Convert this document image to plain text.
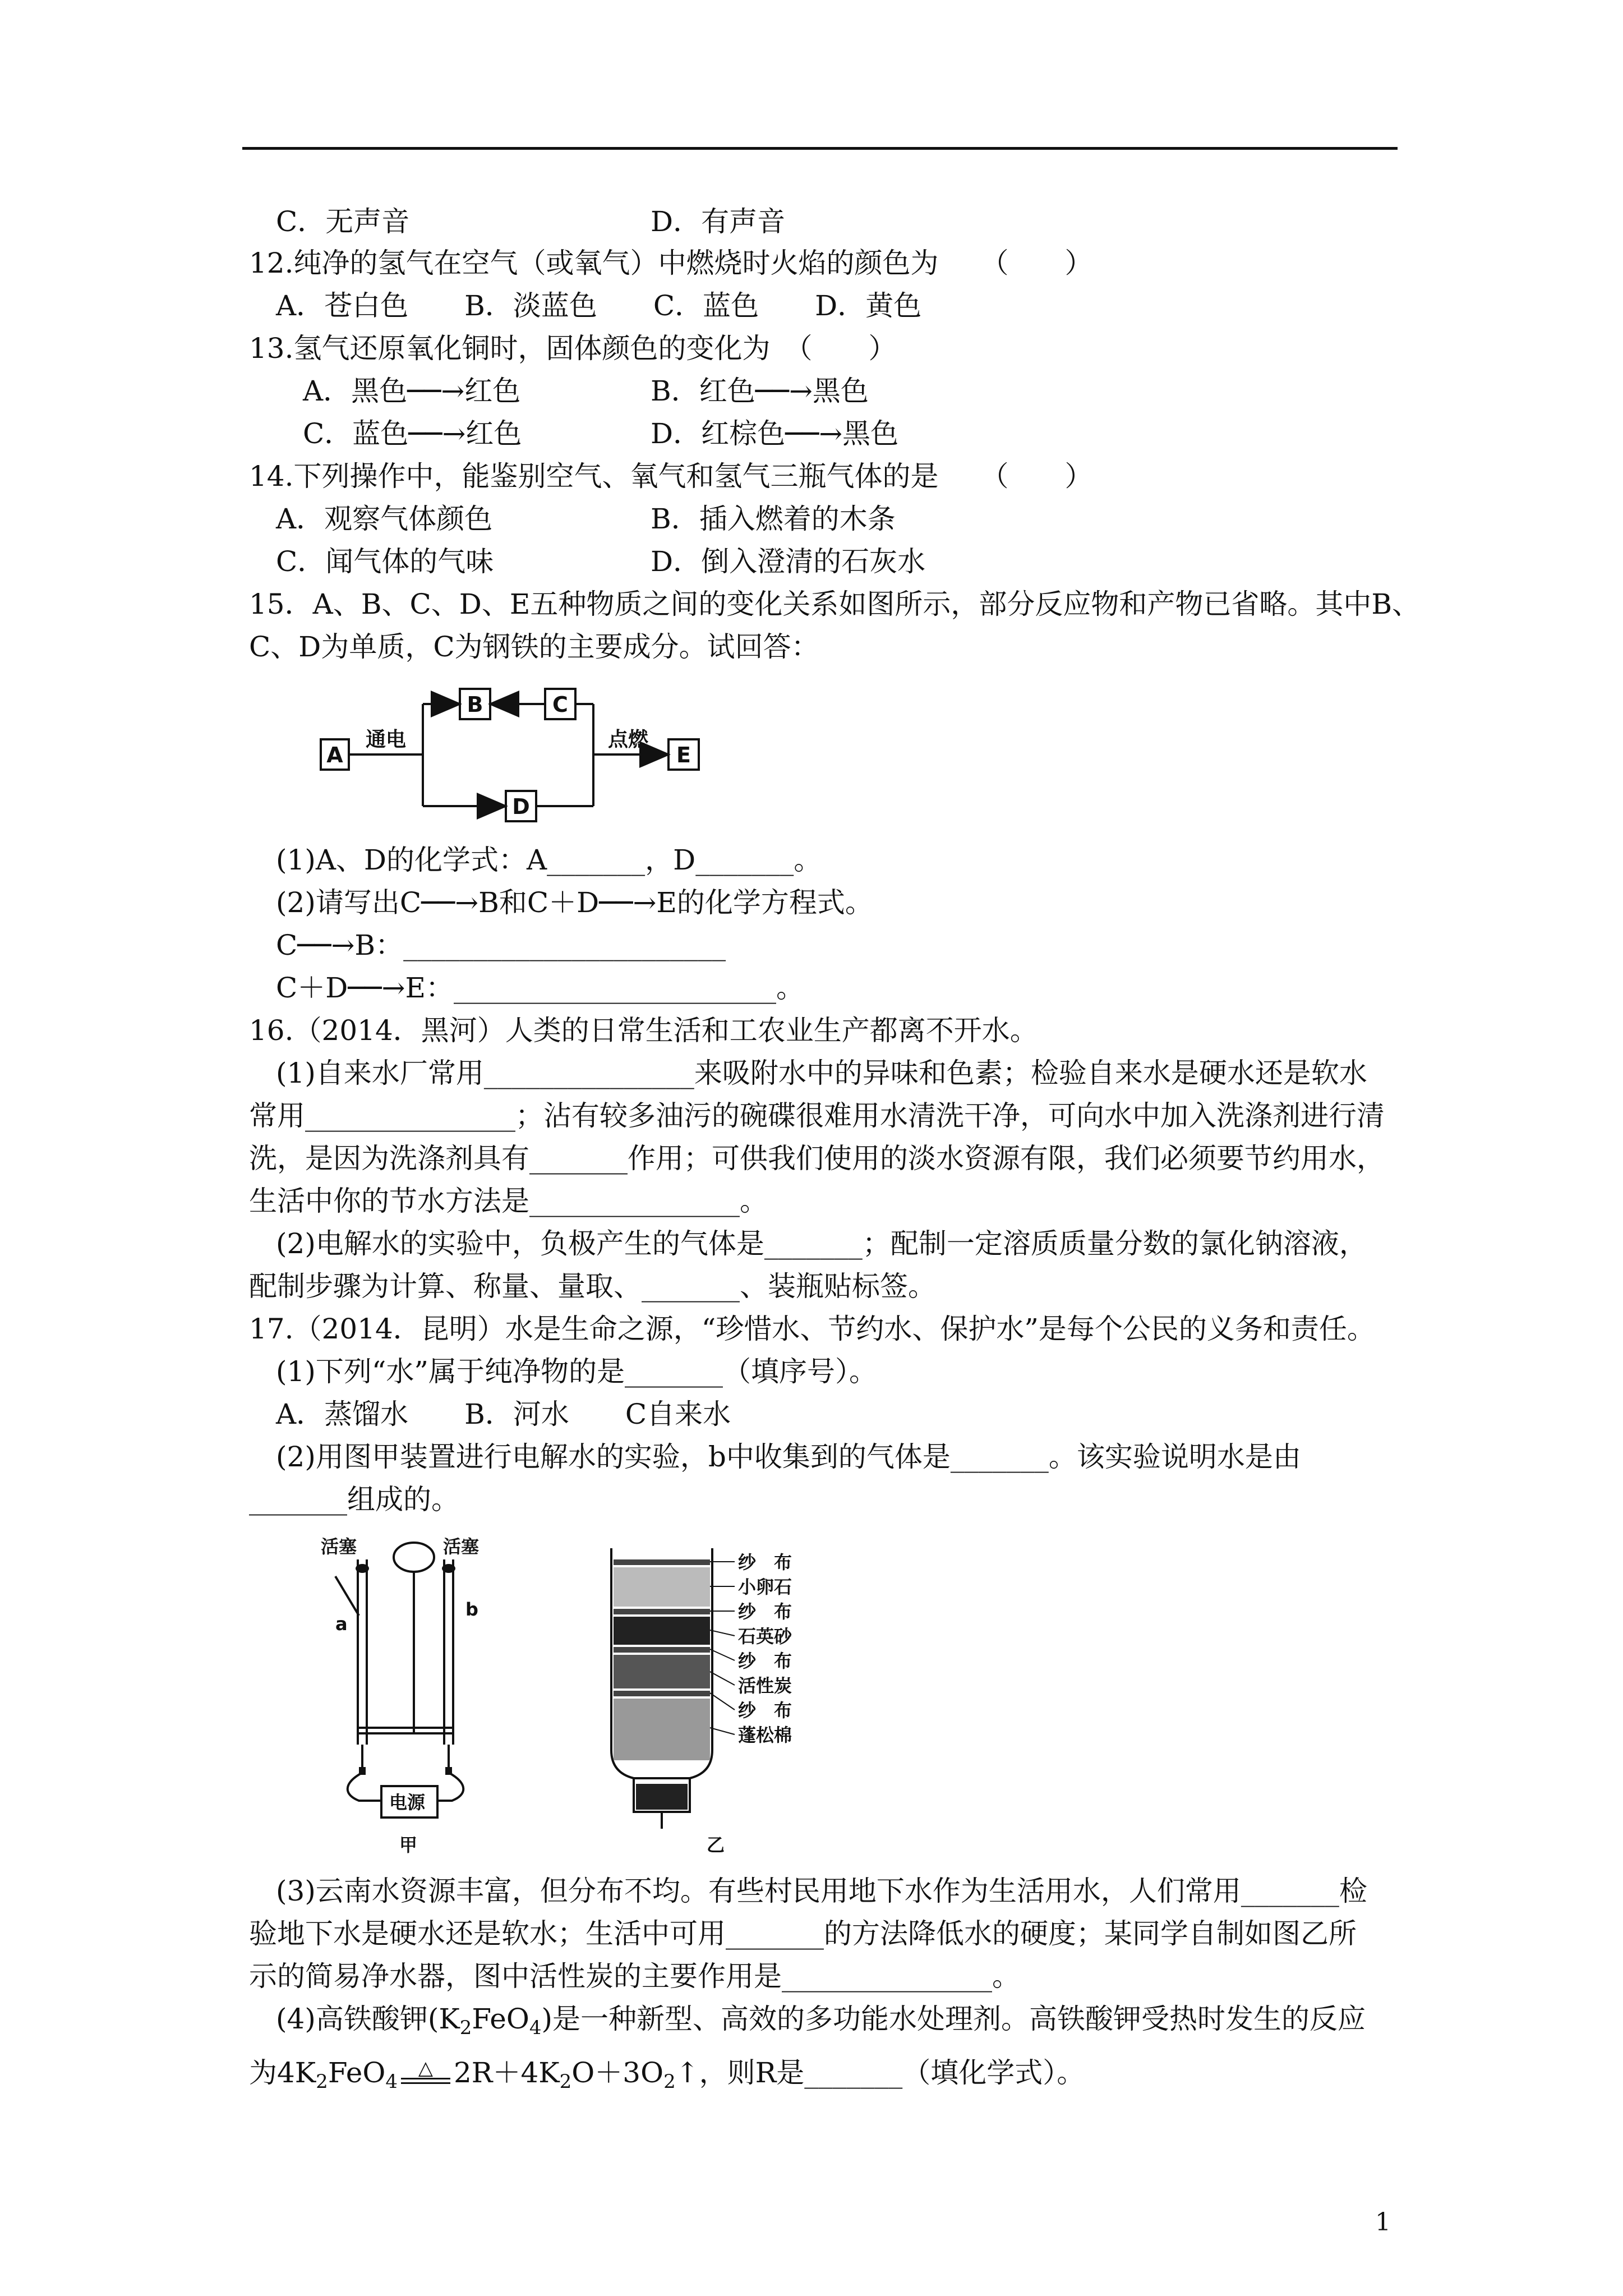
C．无声音	D．有声音
12.纯净的氢气在空气（或氧气）中燃烧时火焰的颜色为　　（　　）
A．苍白色　　B．淡蓝色　　C．蓝色　　D．黄色
13.氢气还原氧化铜时，固体颜色的变化为　（　　）
A．黑色──→红色	B．红色──→黑色
C．蓝色──→红色	D．红棕色──→黑色
14.下列操作中，能鉴别空气、氧气和氢气三瓶气体的是　　（　　）
A．观察气体颜色	B．插入燃着的木条
C．闻气体的气味	D．倒入澄清的石灰水
15．A、B、C、D、E五种物质之间的变化关系如图所示，部分反应物和产物已省略。其中B、
C、D为单质，C为钢铁的主要成分。试回答：
A
B	C
D
E
通电	点燃
(1)A、D的化学式：A_______，D_______。
(2)请写出C──→B和C＋D──→E的化学方程式。
C──→B：_______________________
C＋D──→E：_______________________。
16.（2014．黑河）人类的日常生活和工农业生产都离不开水。
(1)自来水厂常用_______________来吸附水中的异味和色素；检验自来水是硬水还是软水
常用_______________；沾有较多油污的碗碟很难用水清洗干净，可向水中加入洗涤剂进行清
洗，是因为洗涤剂具有_______作用；可供我们使用的淡水资源有限，我们必须要节约用水，
生活中你的节水方法是_______________。
(2)电解水的实验中，负极产生的气体是_______；配制一定溶质质量分数的氯化钠溶液，
配制步骤为计算、称量、量取、_______、装瓶贴标签。
17.（2014．昆明）水是生命之源，“珍惜水、节约水、保护水”是每个公民的义务和责任。
(1)下列“水”属于纯净物的是_______（填序号）。
A．蒸馏水　　B．河水　　C自来水
(2)用图甲装置进行电解水的实验，b中收集到的气体是_______。该实验说明水是由
_______组成的。
活塞	活塞
a
b
电源
甲
纱　布
小卵石
纱　布
石英砂
纱　布
活性炭
纱　布
蓬松棉
乙
(3)云南水资源丰富，但分布不均。有些村民用地下水作为生活用水，人们常用_______检
验地下水是硬水还是软水；生活中可用_______的方法降低水的硬度；某同学自制如图乙所
示的简易净水器，图中活性炭的主要作用是_______________。
(4)高铁酸钾$(K_2FeO_4)$是一种新型、高效的多功能水处理剂。高铁酸钾受热时发生的反应
为$4K_2FeO_4^\triangle$ $2R+4K_2O+3O_2↑$，则R是_______（填化学式）。
1
